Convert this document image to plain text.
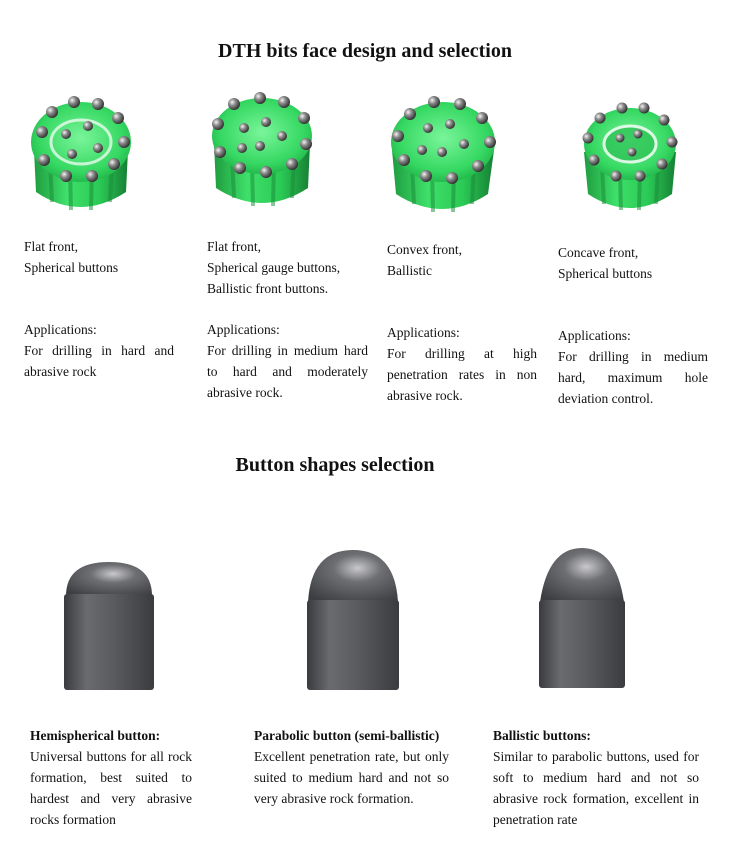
DTH bits face design and selection
Flat front,
Spherical buttons
Flat front,
Spherical gauge buttons,
Ballistic front buttons.
Convex front,
Ballistic
Concave front,
Spherical buttons
Applications:
For drilling in hard and abrasive rock
Applications:
For drilling in medium hard to hard and moderately abrasive rock.
Applications:
For drilling at high penetration rates in non abrasive rock.
Applications:
For drilling in medium hard, maximum hole deviation control.
Button shapes selection
Hemispherical button:
Universal buttons for all rock formation, best suited to hardest and very abrasive rocks formation
Parabolic button (semi-ballistic)
Excellent penetration rate, but only suited to medium hard and not so very abrasive rock formation.
Ballistic buttons:
Similar to parabolic buttons, used for soft to medium hard and not so abrasive rock formation, excellent in penetration rate
